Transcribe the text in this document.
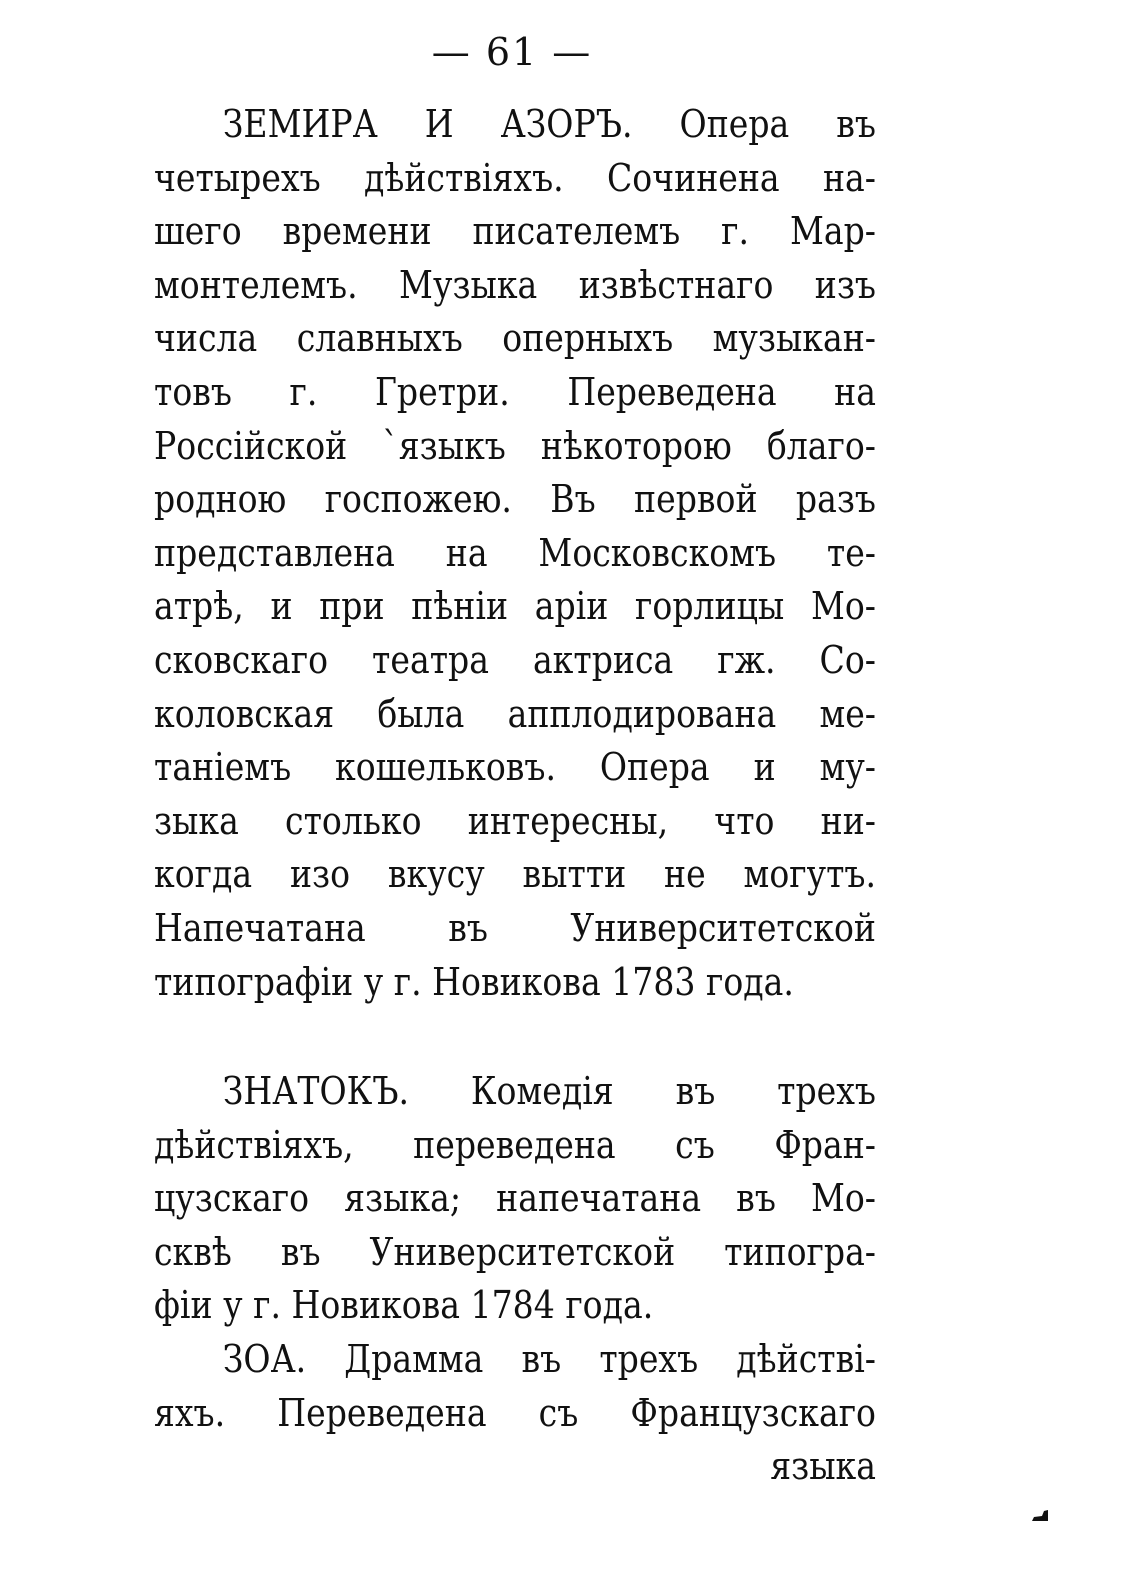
— 61 —
ЗЕМИРА И АЗОРЪ. Опера въ
четырехъ дѣйствіяхъ. Сочинена на-
шего времени писателемъ г. Мар-
монтелемъ. Музыка извѣстнаго изъ
числа славныхъ оперныхъ музыкан-
товъ г. Гретри. Переведена на
Россійской `языкъ нѣкоторою благо-
родною госпожею. Въ первой разъ
представлена на Московскомъ те-
атрѣ, и при пѣніи аріи горлицы Мо-
сковскаго театра актриса гж. Со-
коловская была апплодирована ме-
таніемъ кошельковъ. Опера и му-
зыка столько интересны, что ни-
когда изо вкусу вытти не могутъ.
Напечатана въ Университетской
типографіи у г. Новикова 1783 года.
ЗНАТОКЪ. Комедія въ трехъ
дѣйствіяхъ, переведена съ Фран-
цузскаго языка; напечатана въ Мо-
сквѣ въ Университетской типогра-
фіи у г. Новикова 1784 года.
ЗОА. Драмма въ трехъ дѣйстві-
яхъ. Переведена съ Французскаго
языка
